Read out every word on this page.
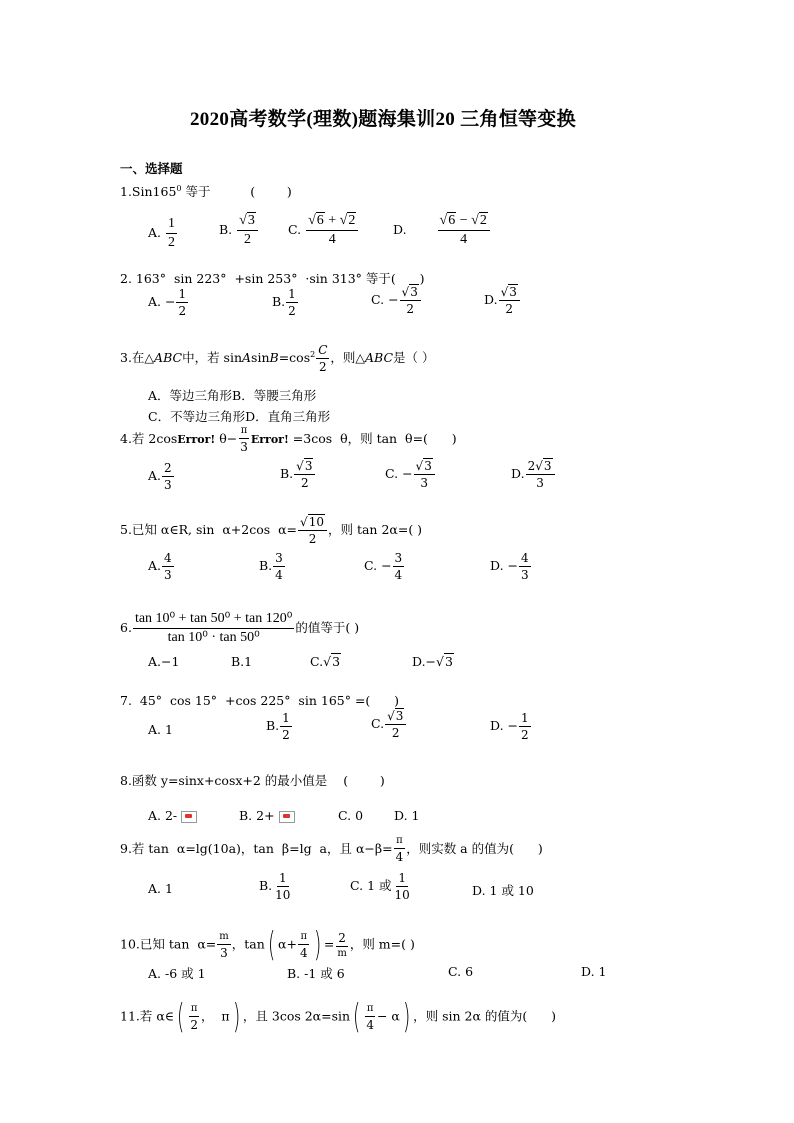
2020高考数学(理数)题海集训20 三角恒等变换
一、选择题
$1.Sin165^0$ 等于          (        )
A. $\frac{1}{2}$	B. $\frac{√3}{2} C$. $\frac{√6 + √2}{4}$	D. $\frac{√6 - √2}{4}$
2. 163°  sin 223°  +sin 253°  ·sin 313° 等于(      )
A. − $\frac{1}{2}$	B. $\frac{1}{2}$	C. − $\frac{√3}{2}$	D. $\frac{√3}{2}$
3.在△ABC中，若 $sinAsinB=\cos^2 \frac{C}{2}$ ，则△ABC是（ ）
A．等边三角形B．等腰三角形
C．不等边三角形D．直角三角形
4.若 2cosError! $\theta- \frac{\pi}{3}$ Error! =3cos  θ，则 tan  θ=(      )
A. $\frac{2}{3}$	B. $\frac{√3}{2}$	C. − $\frac{√3}{3}$	D. $\frac{2√3}{3}$
5.已知 α∈R, sin  α+2cos  $\alpha= \frac{√10}{2}$ ，则 tan 2α=( )
A. $\frac{4}{3}$	B. $\frac{3}{4}$	C. − $\frac{3}{4}$	D. − $\frac{4}{3}$
6. $\frac{\text{tan 10⁰ + tan 50⁰ + tan 120⁰}}{\text{tan 10⁰ · tan 50⁰}}$ 的值等于( )
A.−1	B.1	C.√3	D.−√3
7.  45°  cos 15°  +cos 225°  sin 165° =(      )
A. 1	B. $\frac{1}{2}$	C. $\frac{√3}{2}$	D. − $\frac{1}{2}$
8.函数 y=sinx+cosx+2 的最小值是    (        )
A. 2-	B. 2+	C. 0 D. 1
9.若 tan  α=lg(10a)，tan  β=lg  a，且 $\alpha-\beta= \frac{\pi}{4}$ ，则实数 a 的值为(      )
A. 1	B. $\frac{1}{10}$	C. 1 或 $\frac{1}{10}$	D. 1 或 10
10.已知 $\tan \alpha= \frac{m}{3}$ ，tan( $\alpha+ \frac{\pi}{4}$ ) = $\frac{2}{m}$ ，则 m=( )
A. -6 或 1	B. -1 或 6	C. 6	D. 1
11.若 α∈( $\frac{\pi}{2}$ ，  π) ，且 3cos $2\alpha=\sin( \frac{\pi}{4} - \alpha)$ ，则 sin 2α 的值为(      )
